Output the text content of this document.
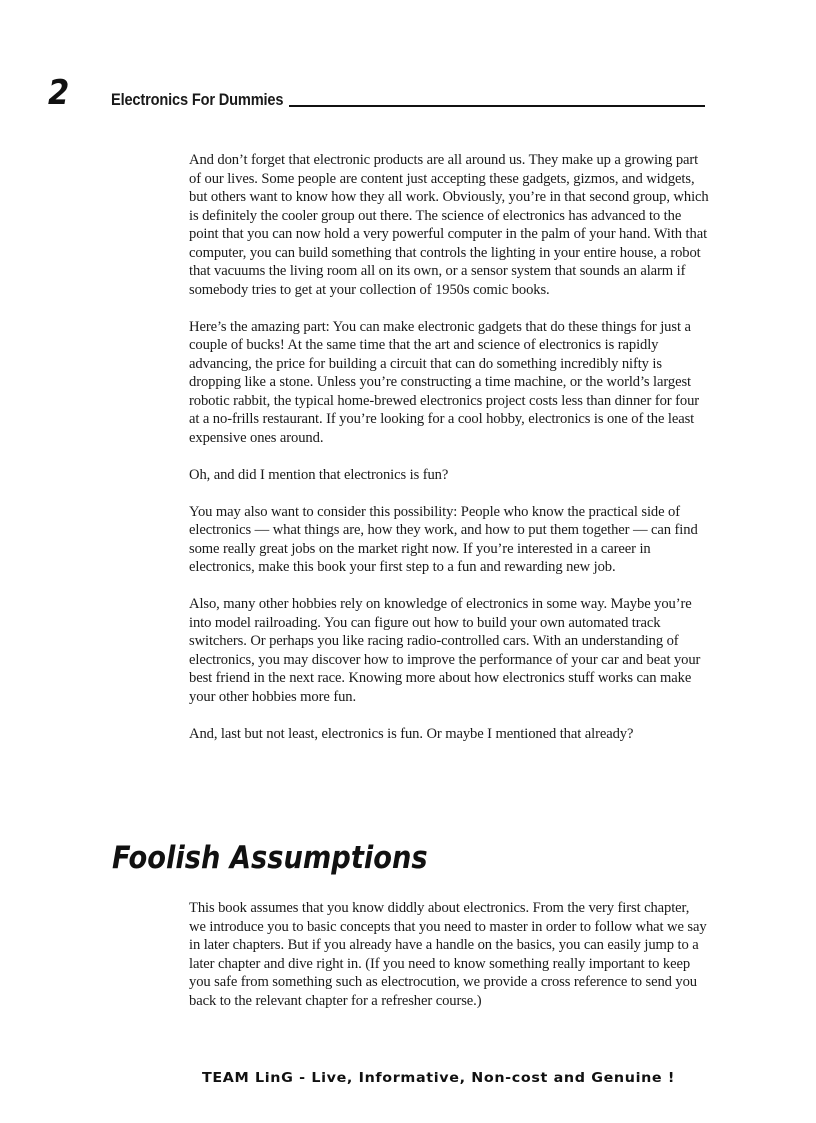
2 Electronics For Dummies

And don’t forget that electronic products are all around us. They make up a growing part of our lives. Some people are content just accepting these gadgets, gizmos, and widgets, but others want to know how they all work. Obviously, you’re in that second group, which is definitely the cooler group out there. The science of electronics has advanced to the point that you can now hold a very powerful computer in the palm of your hand. With that computer, you can build something that controls the lighting in your entire house, a robot that vacuums the living room all on its own, or a sensor system that sounds an alarm if somebody tries to get at your collection of 1950s comic books.

Here’s the amazing part: You can make electronic gadgets that do these things for just a couple of bucks! At the same time that the art and science of electronics is rapidly advancing, the price for building a circuit that can do something incredibly nifty is dropping like a stone. Unless you’re constructing a time machine, or the world’s largest robotic rabbit, the typical home-brewed electronics project costs less than dinner for four at a no-frills restaurant. If you’re looking for a cool hobby, electronics is one of the least expensive ones around.

Oh, and did I mention that electronics is fun?

You may also want to consider this possibility: People who know the practical side of electronics — what things are, how they work, and how to put them together — can find some really great jobs on the market right now. If you’re interested in a career in electronics, make this book your first step to a fun and rewarding new job.

Also, many other hobbies rely on knowledge of electronics in some way. Maybe you’re into model railroading. You can figure out how to build your own automated track switchers. Or perhaps you like racing radio-controlled cars. With an understanding of electronics, you may discover how to improve the performance of your car and beat your best friend in the next race. Knowing more about how electronics stuff works can make your other hobbies more fun.

And, last but not least, electronics is fun. Or maybe I mentioned that already?

Foolish Assumptions

This book assumes that you know diddly about electronics. From the very first chapter, we introduce you to basic concepts that you need to master in order to follow what we say in later chapters. But if you already have a handle on the basics, you can easily jump to a later chapter and dive right in. (If you need to know something really important to keep you safe from something such as electrocution, we provide a cross reference to send you back to the relevant chapter for a refresher course.)

TEAM LinG - Live, Informative, Non-cost and Genuine !
